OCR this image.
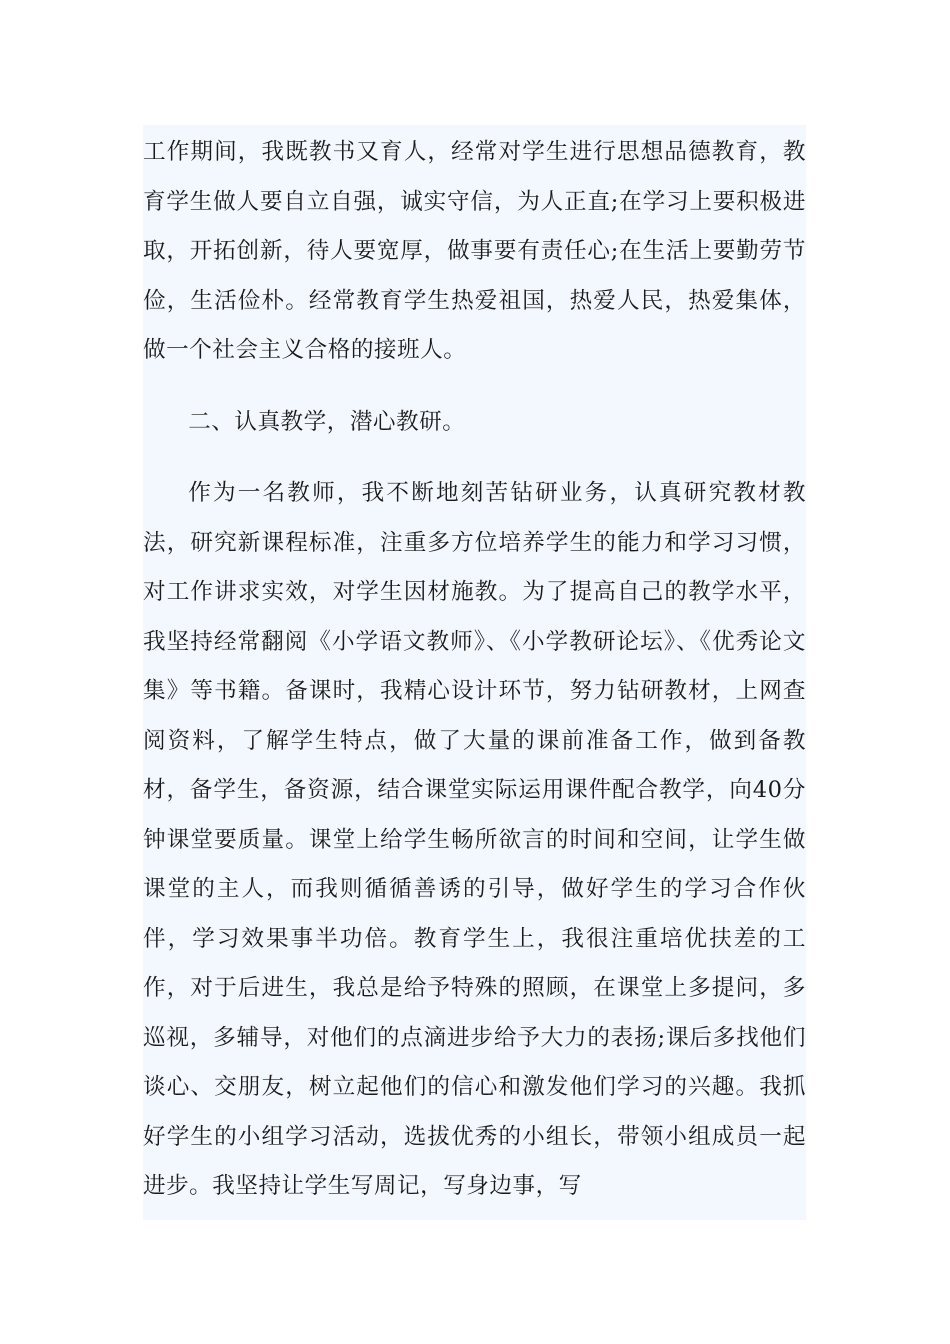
工作期间，我既教书又育人，经常对学生进行思想品德教育，教育学生做人要自立自强，诚实守信，为人正直;在学习上要积极进取，开拓创新，待人要宽厚，做事要有责任心;在生活上要勤劳节俭，生活俭朴。经常教育学生热爱祖国，热爱人民，热爱集体，做一个社会主义合格的接班人。

二、认真教学，潜心教研。

作为一名教师，我不断地刻苦钻研业务，认真研究教材教法，研究新课程标准，注重多方位培养学生的能力和学习习惯，对工作讲求实效，对学生因材施教。为了提高自己的教学水平，我坚持经常翻阅《小学语文教师》、《小学教研论坛》、《优秀论文集》等书籍。备课时，我精心设计环节，努力钻研教材，上网查阅资料，了解学生特点，做了大量的课前准备工作，做到备教材，备学生，备资源，结合课堂实际运用课件配合教学，向40分钟课堂要质量。课堂上给学生畅所欲言的时间和空间，让学生做课堂的主人，而我则循循善诱的引导，做好学生的学习合作伙伴，学习效果事半功倍。教育学生上，我很注重培优扶差的工作，对于后进生，我总是给予特殊的照顾，在课堂上多提问，多巡视，多辅导，对他们的点滴进步给予大力的表扬;课后多找他们谈心、交朋友，树立起他们的信心和激发他们学习的兴趣。我抓好学生的小组学习活动，选拔优秀的小组长，带领小组成员一起进步。我坚持让学生写周记，写身边事，写
